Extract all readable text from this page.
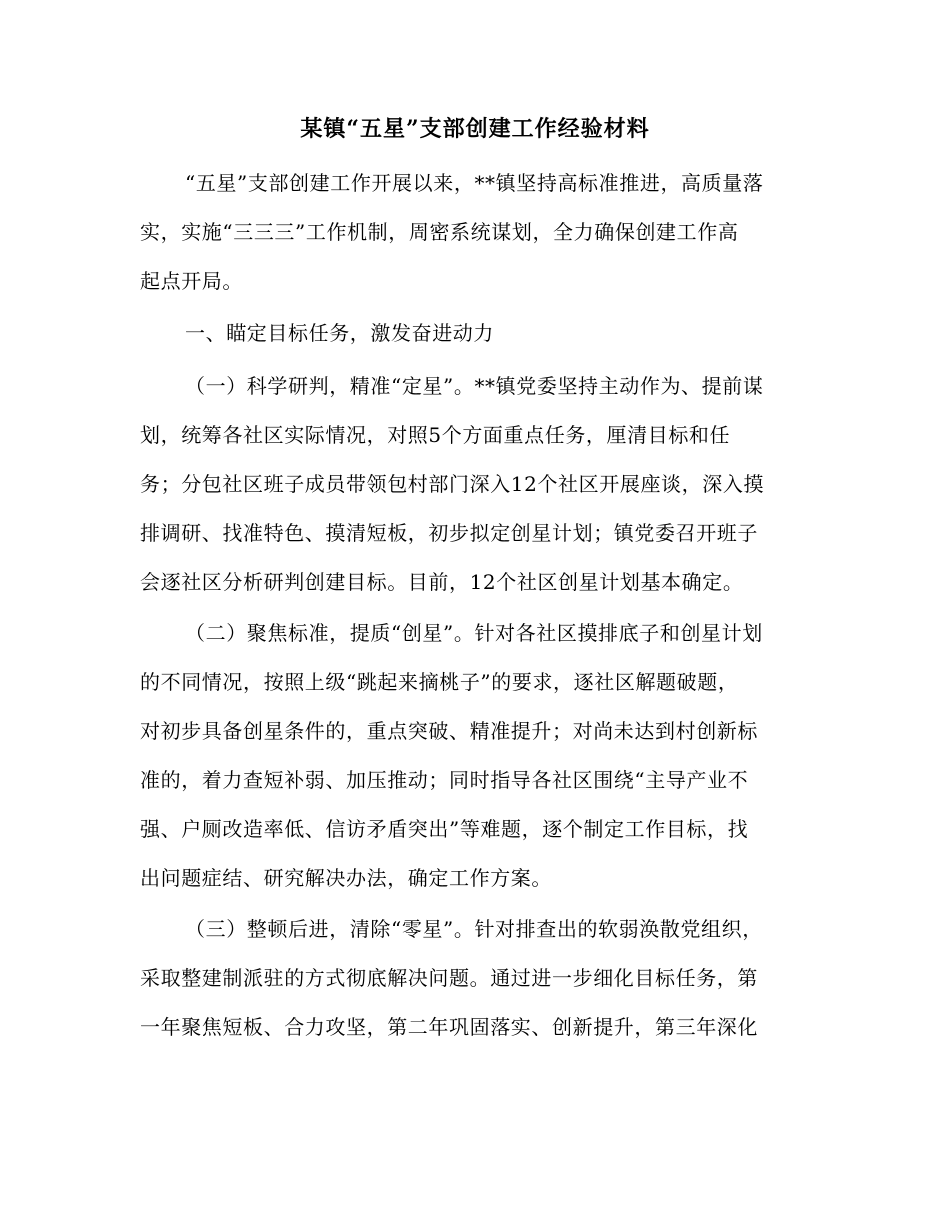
某镇“五星”支部创建工作经验材料
“五星”支部创建工作开展以来，**镇坚持高标准推进，高质量落
实，实施“三三三”工作机制，周密系统谋划，全力确保创建工作高
起点开局。
一、瞄定目标任务，激发奋进动力
（一）科学研判，精准“定星”。**镇党委坚持主动作为、提前谋
划，统筹各社区实际情况，对照5个方面重点任务，厘清目标和任
务；分包社区班子成员带领包村部门深入12个社区开展座谈，深入摸
排调研、找准特色、摸清短板，初步拟定创星计划；镇党委召开班子
会逐社区分析研判创建目标。目前，12个社区创星计划基本确定。
（二）聚焦标准，提质“创星”。针对各社区摸排底子和创星计划
的不同情况，按照上级“跳起来摘桃子”的要求，逐社区解题破题，
对初步具备创星条件的，重点突破、精准提升；对尚未达到村创新标
准的，着力查短补弱、加压推动；同时指导各社区围绕“主导产业不
强、户厕改造率低、信访矛盾突出”等难题，逐个制定工作目标，找
出问题症结、研究解决办法，确定工作方案。
（三）整顿后进，清除“零星”。针对排查出的软弱涣散党组织，
采取整建制派驻的方式彻底解决问题。通过进一步细化目标任务，第
一年聚焦短板、合力攻坚，第二年巩固落实、创新提升，第三年深化
